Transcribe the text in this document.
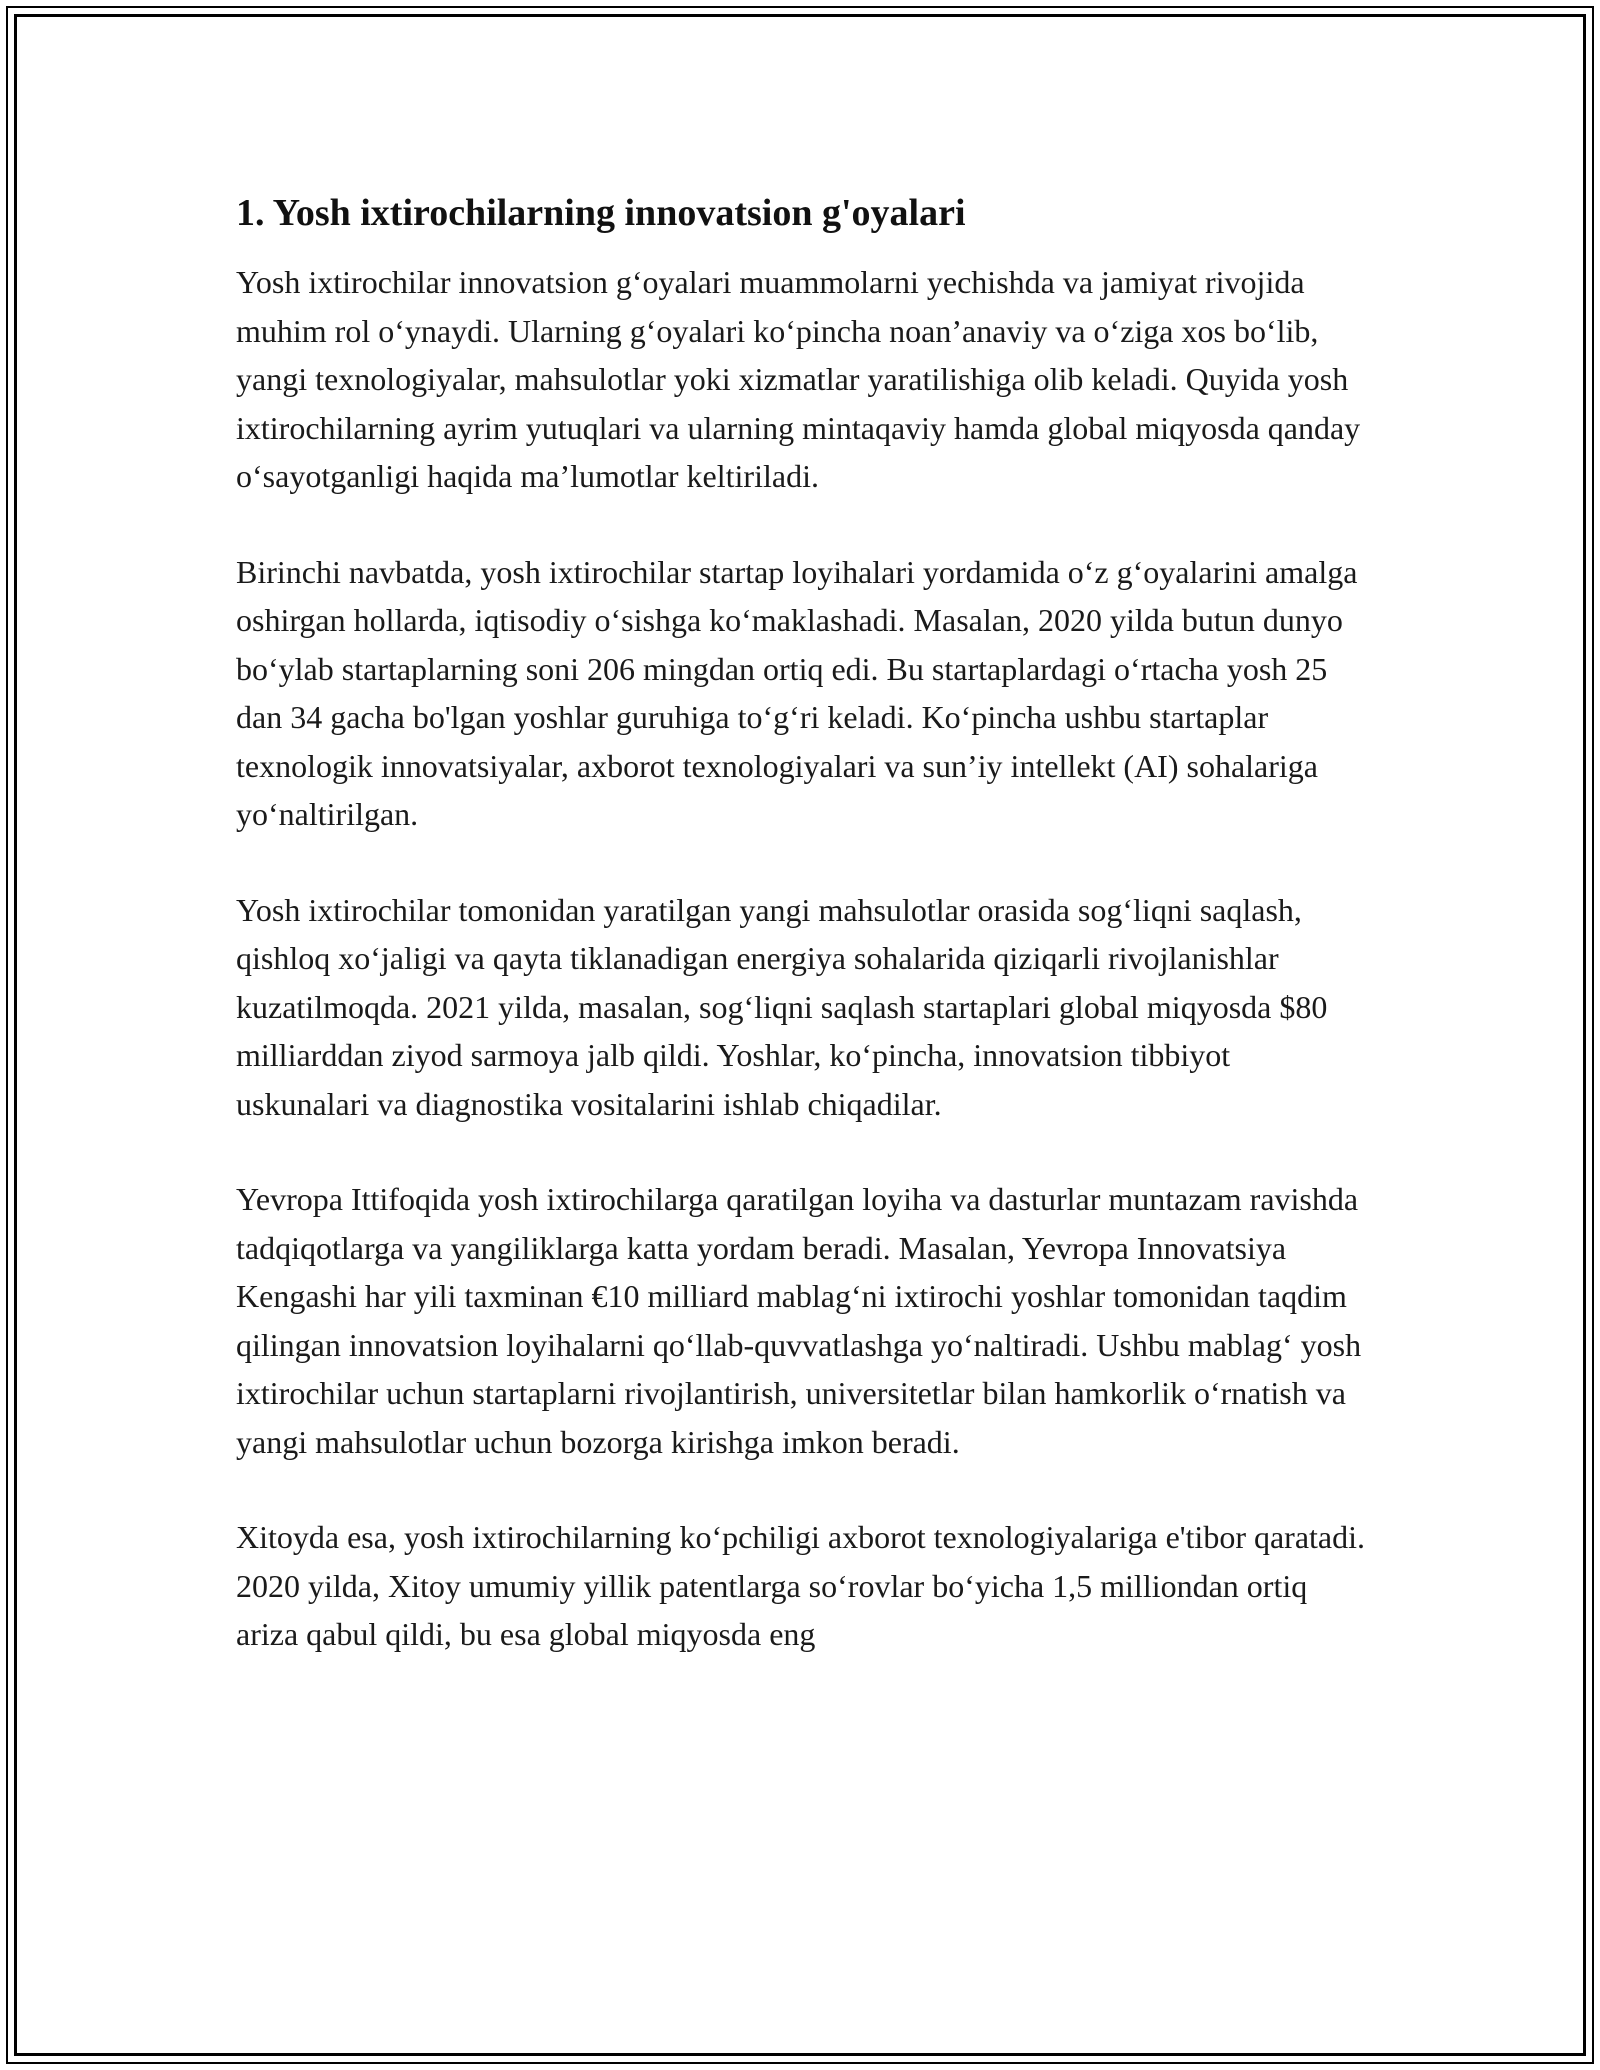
1. Yosh ixtirochilarning innovatsion g'oyalari

Yosh ixtirochilar innovatsion g‘oyalari muammolarni yechishda va jamiyat rivojida muhim rol o‘ynaydi. Ularning g‘oyalari ko‘pincha noan’anaviy va o‘ziga xos bo‘lib, yangi texnologiyalar, mahsulotlar yoki xizmatlar yaratilishiga olib keladi. Quyida yosh ixtirochilarning ayrim yutuqlari va ularning mintaqaviy hamda global miqyosda qanday o‘sayotganligi haqida ma’lumotlar keltiriladi.

Birinchi navbatda, yosh ixtirochilar startap loyihalari yordamida o‘z g‘oyalarini amalga oshirgan hollarda, iqtisodiy o‘sishga ko‘maklashadi. Masalan, 2020 yilda butun dunyo bo‘ylab startaplarning soni 206 mingdan ortiq edi. Bu startaplardagi o‘rtacha yosh 25 dan 34 gacha bo'lgan yoshlar guruhiga to‘g‘ri keladi. Ko‘pincha ushbu startaplar texnologik innovatsiyalar, axborot texnologiyalari va sun’iy intellekt (AI) sohalariga yo‘naltirilgan.

Yosh ixtirochilar tomonidan yaratilgan yangi mahsulotlar orasida sog‘liqni saqlash, qishloq xo‘jaligi va qayta tiklanadigan energiya sohalarida qiziqarli rivojlanishlar kuzatilmoqda. 2021 yilda, masalan, sog‘liqni saqlash startaplari global miqyosda $80 milliarddan ziyod sarmoya jalb qildi. Yoshlar, ko‘pincha, innovatsion tibbiyot uskunalari va diagnostika vositalarini ishlab chiqadilar.

Yevropa Ittifoqida yosh ixtirochilarga qaratilgan loyiha va dasturlar muntazam ravishda tadqiqotlarga va yangiliklarga katta yordam beradi. Masalan, Yevropa Innovatsiya Kengashi har yili taxminan €10 milliard mablag‘ni ixtirochi yoshlar tomonidan taqdim qilingan innovatsion loyihalarni qo‘llab-quvvatlashga yo‘naltiradi. Ushbu mablag‘ yosh ixtirochilar uchun startaplarni rivojlantirish, universitetlar bilan hamkorlik o‘rnatish va yangi mahsulotlar uchun bozorga kirishga imkon beradi.

Xitoyda esa, yosh ixtirochilarning ko‘pchiligi axborot texnologiyalariga e'tibor qaratadi. 2020 yilda, Xitoy umumiy yillik patentlarga so‘rovlar bo‘yicha 1,5 milliondan ortiq ariza qabul qildi, bu esa global miqyosda eng
